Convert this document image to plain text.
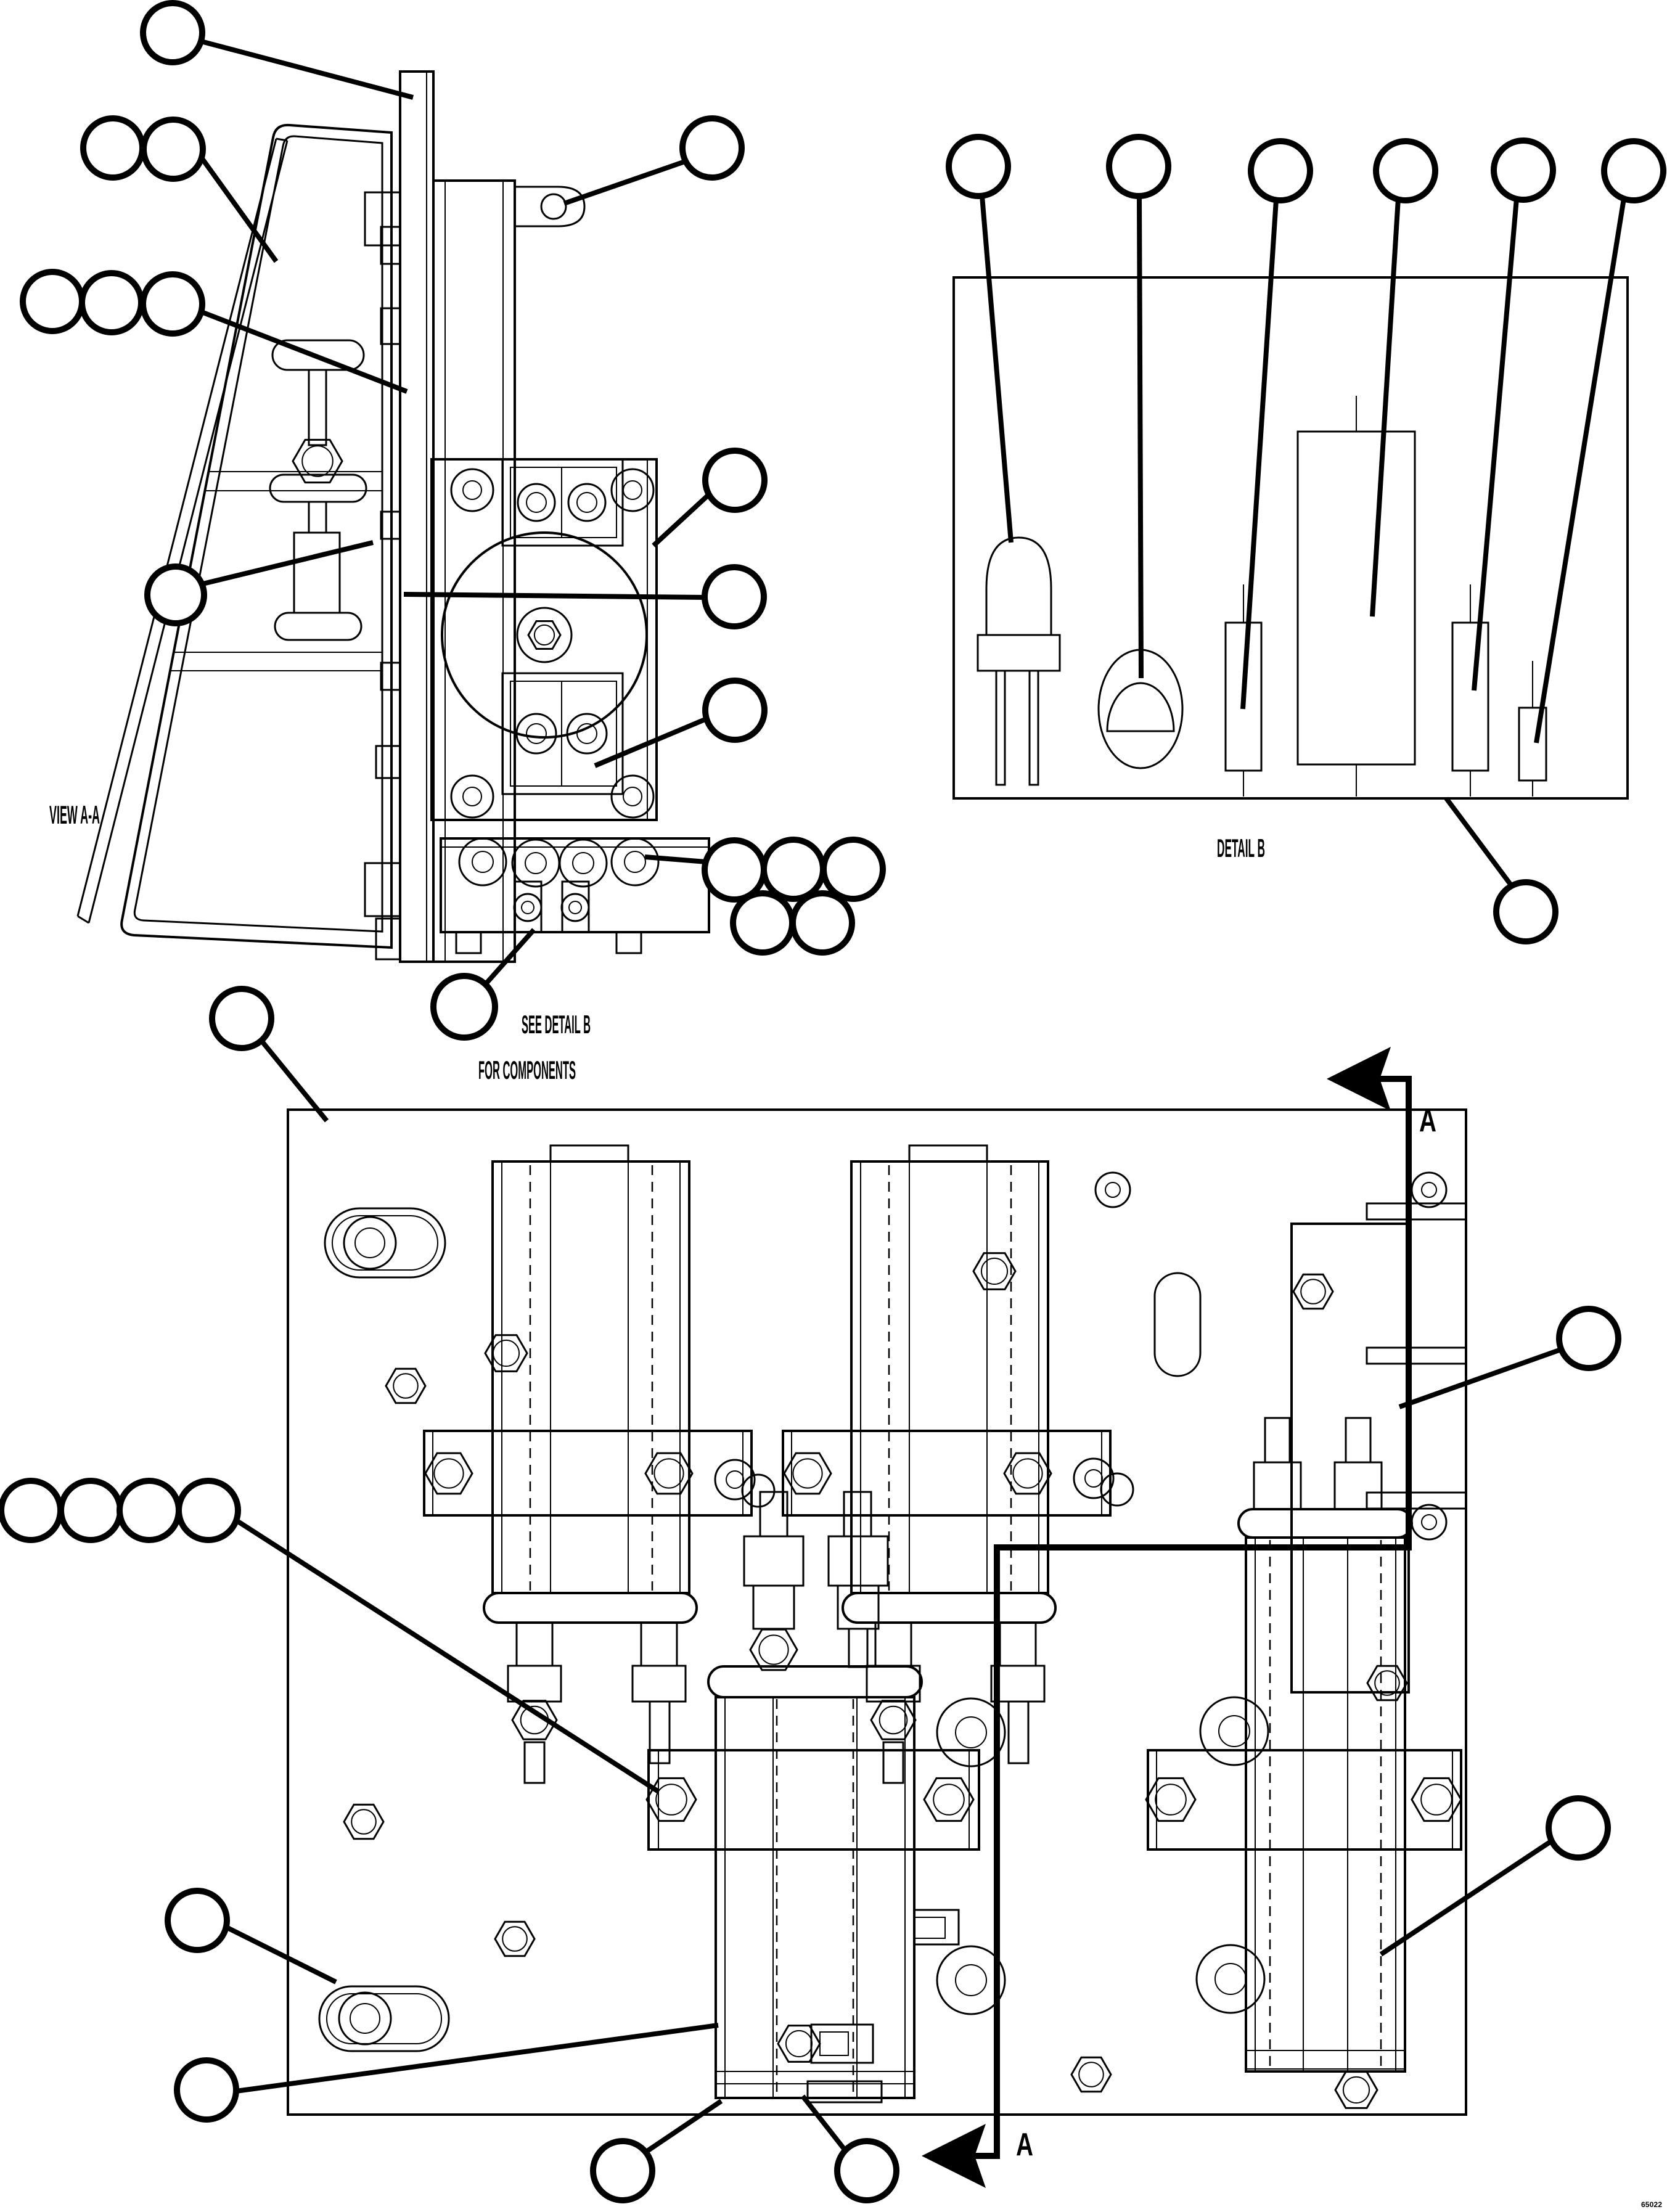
VIEW A-A
SEE DETAIL B
FOR COMPONENTS
DETAIL B
A
A
65022
